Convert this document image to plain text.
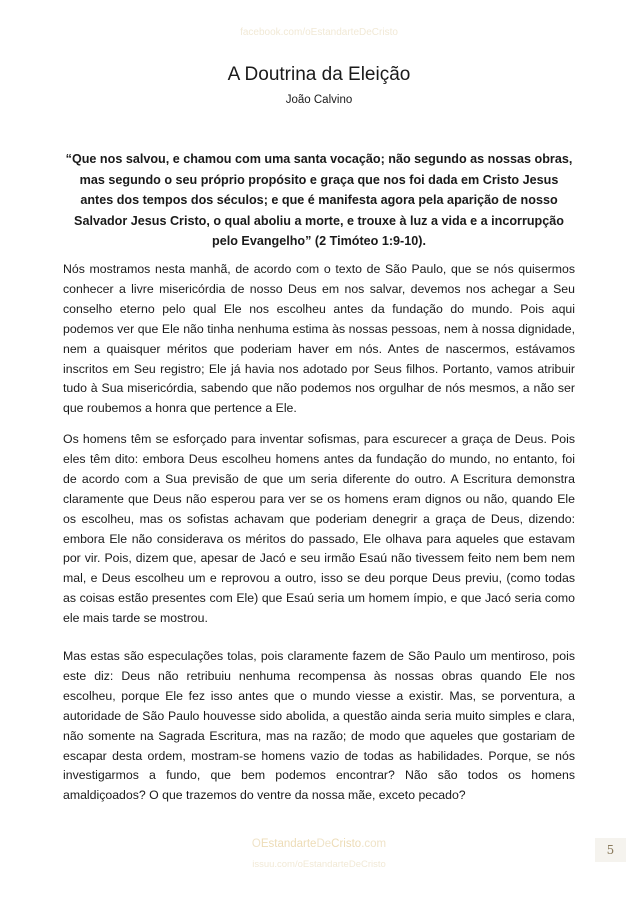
facebook.com/oEstandarteDeCristo
A Doutrina da Eleição
João Calvino
“Que nos salvou, e chamou com uma santa vocação; não segundo as nossas obras, mas segundo o seu próprio propósito e graça que nos foi dada em Cristo Jesus antes dos tempos dos séculos; e que é manifesta agora pela aparição de nosso Salvador Jesus Cristo, o qual aboliu a morte, e trouxe à luz a vida e a incorrupção pelo Evangelho” (2 Timóteo 1:9-10).

Nós mostramos nesta manhã, de acordo com o texto de São Paulo, que se nós quisermos conhecer a livre misericórdia de nosso Deus em nos salvar, devemos nos achegar a Seu conselho eterno pelo qual Ele nos escolheu antes da fundação do mundo. Pois aqui podemos ver que Ele não tinha nenhuma estima às nossas pessoas, nem à nossa dignidade, nem a quaisquer méritos que poderiam haver em nós. Antes de nascermos, estávamos inscritos em Seu registro; Ele já havia nos adotado por Seus filhos. Portanto, vamos atribuir tudo à Sua misericórdia, sabendo que não podemos nos orgulhar de nós mesmos, a não ser que roubemos a honra que pertence a Ele.

Os homens têm se esforçado para inventar sofismas, para escurecer a graça de Deus. Pois eles têm dito: embora Deus escolheu homens antes da fundação do mundo, no entanto, foi de acordo com a Sua previsão de que um seria diferente do outro. A Escritura demonstra claramente que Deus não esperou para ver se os homens eram dignos ou não, quando Ele os escolheu, mas os sofistas achavam que poderiam denegrir a graça de Deus, dizendo: embora Ele não considerava os méritos do passado, Ele olhava para aqueles que estavam por vir. Pois, dizem que, apesar de Jacó e seu irmão Esaú não tivessem feito nem bem nem mal, e Deus escolheu um e reprovou a outro, isso se deu porque Deus previu, (como todas as coisas estão presentes com Ele) que Esaú seria um homem ímpio, e que Jacó seria como ele mais tarde se mostrou.

Mas estas são especulações tolas, pois claramente fazem de São Paulo um mentiroso, pois este diz: Deus não retribuiu nenhuma recompensa às nossas obras quando Ele nos escolheu, porque Ele fez isso antes que o mundo viesse a existir. Mas, se porventura, a autoridade de São Paulo houvesse sido abolida, a questão ainda seria muito simples e clara, não somente na Sagrada Escritura, mas na razão; de modo que aqueles que gostariam de escapar desta ordem, mostram-se homens vazio de todas as habilidades. Porque, se nós investigarmos a fundo, que bem podemos encontrar? Não são todos os homens amaldiçoados? O que trazemos do ventre da nossa mãe, exceto pecado?

OEstandarteDeCristo.com
issuu.com/oEstandarteDeCristo
5
